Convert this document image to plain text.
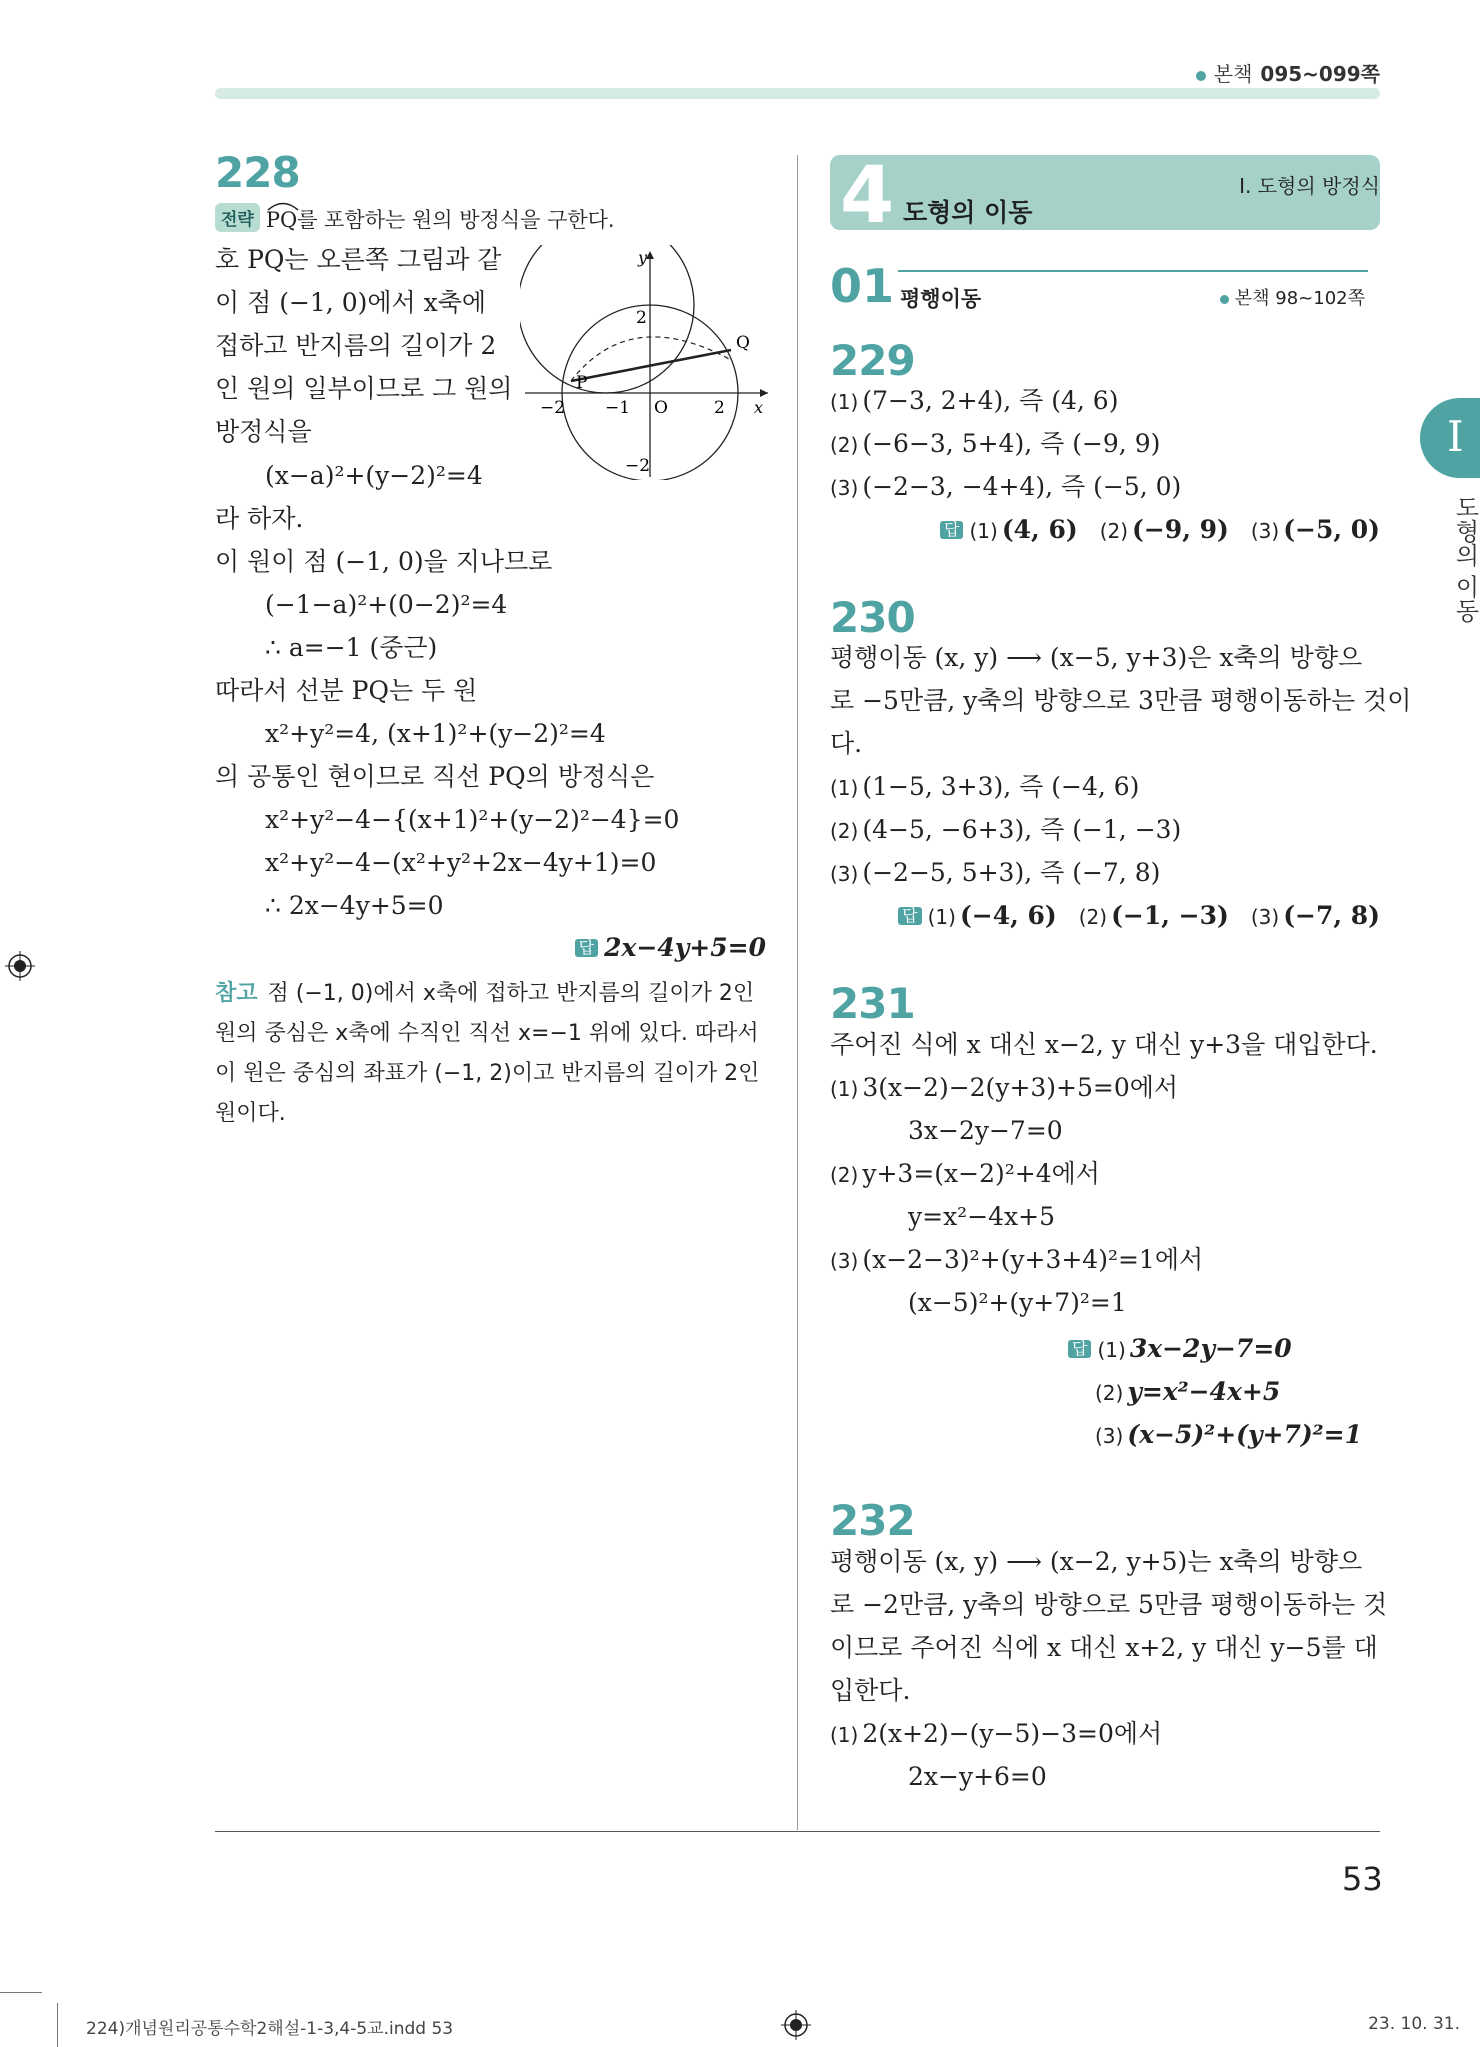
본책 095~099쪽
228
전략 PQ를 포함하는 원의 방정식을 구한다.
호 PQ는 오른쪽 그림과 같
이 점 (−1, 0)에서 x축에
접하고 반지름의 길이가 2
인 원의 일부이므로 그 원의
방정식을
(x−a)²+(y−2)²=4
라 하자.
이 원이 점 (−1, 0)을 지나므로
(−1−a)²+(0−2)²=4
∴ a=−1 (중근)
따라서 선분 PQ는 두 원
x²+y²=4, (x+1)²+(y−2)²=4
의 공통인 현이므로 직선 PQ의 방정식은
x²+y²−4−{(x+1)²+(y−2)²−4}=0
x²+y²−4−(x²+y²+2x−4y+1)=0
∴ 2x−4y+5=0
답 2x−4y+5=0
참고 점 (−1, 0)에서 x축에 접하고 반지름의 길이가 2인 원의 중심은 x축에 수직인 직선 x=−1 위에 있다. 따라서 이 원은 중심의 좌표가 (−1, 2)이고 반지름의 길이가 2인 원이다.
y
x
O
−2 −1	2
2
−2
P
Q
4 도형의 이동
I. 도형의 방정식
01 평행이동	본책 98~102쪽
229
(1) (7−3, 2+4), 즉 (4, 6)
(2) (−6−3, 5+4), 즉 (−9, 9)
(3) (−2−3, −4+4), 즉 (−5, 0)
답 (1) (4, 6) (2) (−9, 9) (3) (−5, 0)
230
평행이동 (x, y) ⟶ (x−5, y+3)은 x축의 방향으
로 −5만큼, y축의 방향으로 3만큼 평행이동하는 것이
다.
(1) (1−5, 3+3), 즉 (−4, 6)
(2) (4−5, −6+3), 즉 (−1, −3)
(3) (−2−5, 5+3), 즉 (−7, 8)
답 (1) (−4, 6) (2) (−1, −3) (3) (−7, 8)
231
주어진 식에 x 대신 x−2, y 대신 y+3을 대입한다.
(1) 3(x−2)−2(y+3)+5=0에서
3x−2y−7=0
(2) y+3=(x−2)²+4에서
y=x²−4x+5
(3) (x−2−3)²+(y+3+4)²=1에서
(x−5)²+(y+7)²=1
답 (1) 3x−2y−7=0
(2) y=x²−4x+5
(3) (x−5)²+(y+7)²=1
232
평행이동 (x, y) ⟶ (x−2, y+5)는 x축의 방향으
로 −2만큼, y축의 방향으로 5만큼 평행이동하는 것
이므로 주어진 식에 x 대신 x+2, y 대신 y−5를 대
입한다.
(1) 2(x+2)−(y−5)−3=0에서
2x−y+6=0
I
도형의 이동
53
224)개념원리공통수학2해설-1-3,4-5교.indd 53	23. 10. 31.
